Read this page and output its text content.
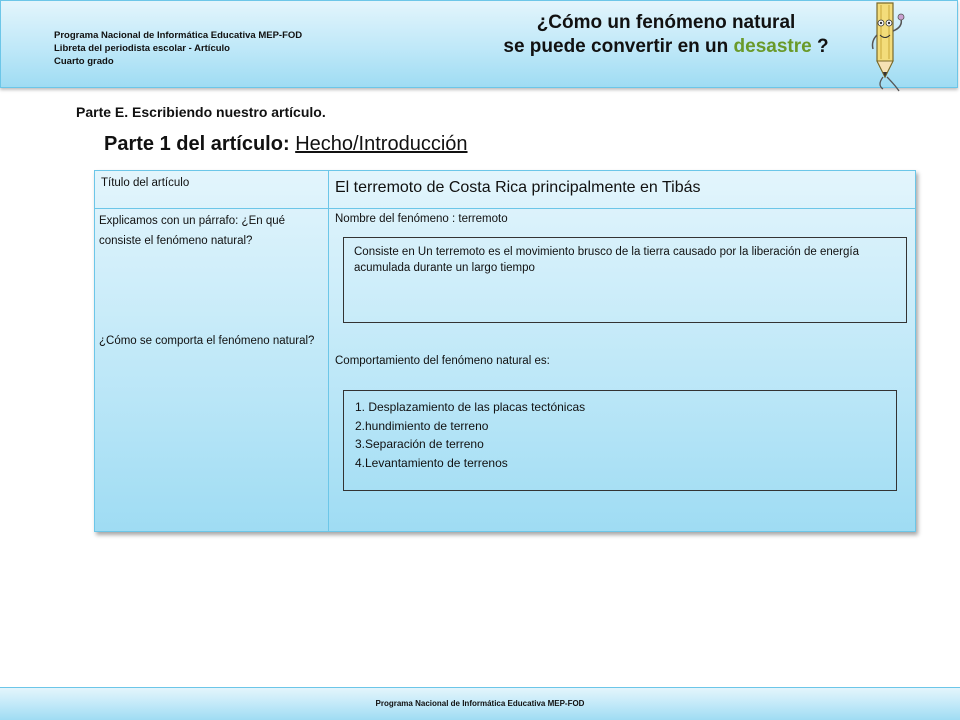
Programa Nacional de Informática Educativa MEP-FOD
Libreta del periodista escolar - Artículo
Cuarto grado
¿Cómo un fenómeno natural
se puede convertir en un desastre ?
Parte E. Escribiendo nuestro artículo.
Parte 1 del artículo: Hecho/Introducción
Título del artículo	El terremoto de Costa Rica principalmente en Tibás
Explicamos con un párrafo: ¿En qué consiste el fenómeno natural?
¿Cómo se comporta el fenómeno natural?
Nombre del fenómeno : terremoto
Consiste en Un terremoto es el movimiento brusco de la tierra causado por la liberación de energía acumulada durante un largo tiempo
Comportamiento del fenómeno natural es:
1. Desplazamiento de las placas tectónicas
2.hundimiento de terreno
3.Separación de terreno
4.Levantamiento de terrenos
Programa Nacional de Informática Educativa MEP-FOD
